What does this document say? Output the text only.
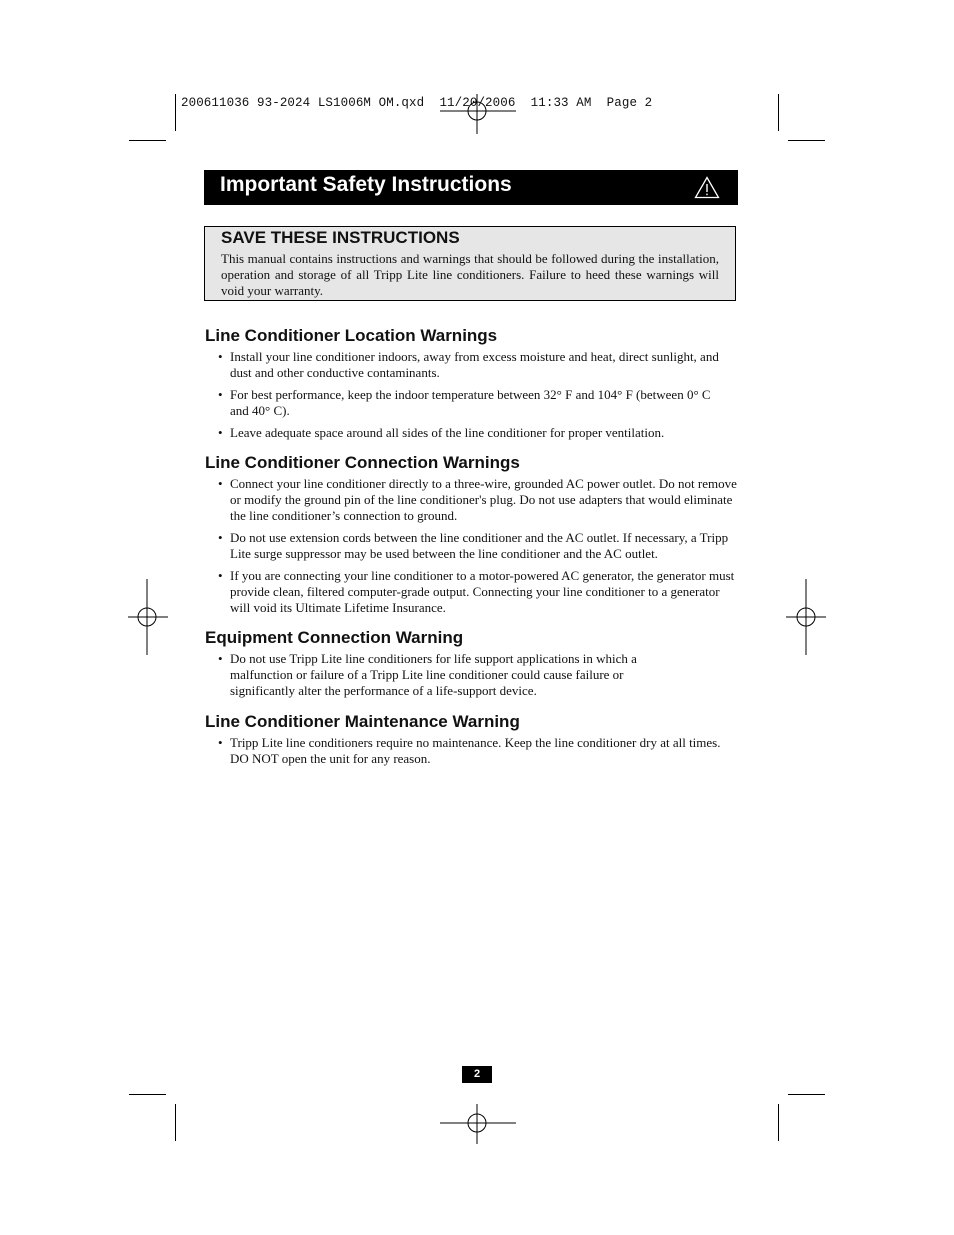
200611036 93-2024 LS1006M OM.qxd  11/20/2006  11:33 AM  Page 2
Important Safety Instructions
SAVE THESE INSTRUCTIONS

This manual contains instructions and warnings that should be followed during the installation, operation and storage of all Tripp Lite line conditioners. Failure to heed these warnings will void your warranty.

Line Conditioner Location Warnings
• Install your line conditioner indoors, away from excess moisture and heat, direct sunlight, and dust and other conductive contaminants.
• For best performance, keep the indoor temperature between 32° F and 104° F (between 0° C and 40° C).
• Leave adequate space around all sides of the line conditioner for proper ventilation.
Line Conditioner Connection Warnings
• Connect your line conditioner directly to a three-wire, grounded AC power outlet. Do not remove or modify the ground pin of the line conditioner's plug. Do not use adapters that would eliminate the line conditioner’s connection to ground.
• Do not use extension cords between the line conditioner and the AC outlet. If necessary, a Tripp Lite surge suppressor may be used between the line conditioner and the AC outlet.
• If you are connecting your line conditioner to a motor-powered AC generator, the generator must provide clean, filtered computer-grade output. Connecting your line conditioner to a generator will void its Ultimate Lifetime Insurance.
Equipment Connection Warning
• Do not use Tripp Lite line conditioners for life support applications in which a malfunction or failure of a Tripp Lite line conditioner could cause failure or significantly alter the performance of a life-support device.
Line Conditioner Maintenance Warning
• Tripp Lite line conditioners require no maintenance. Keep the line conditioner dry at all times. DO NOT open the unit for any reason.
2
